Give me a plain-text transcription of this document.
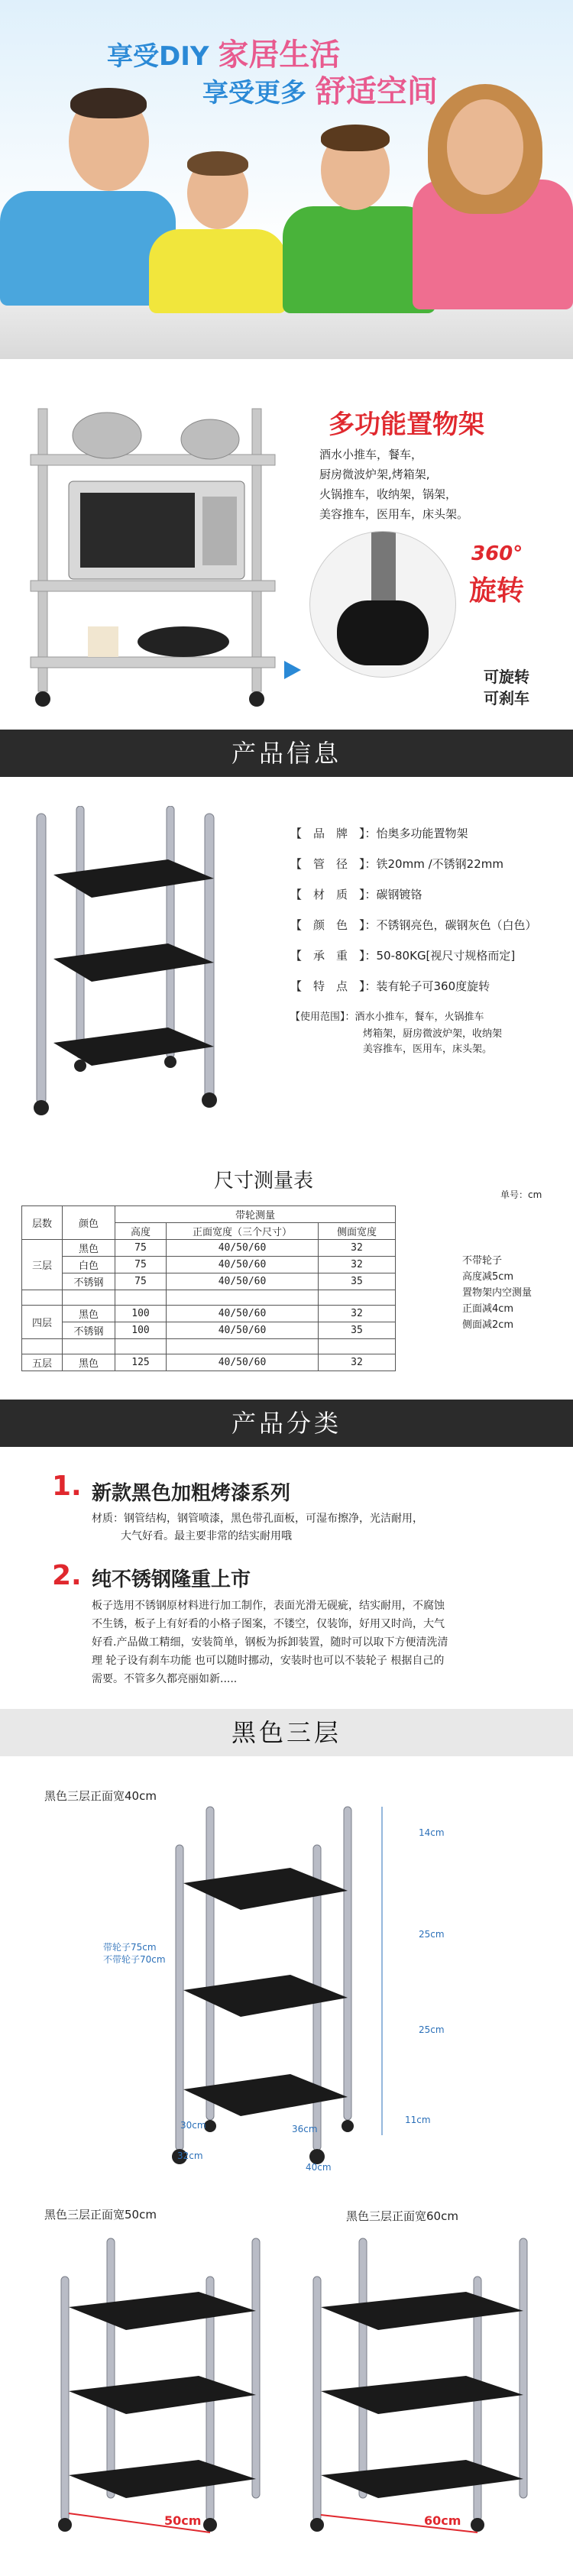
享受DIY 家居生活
享受更多 舒适空间
多功能置物架
酒水小推车，餐车，
厨房微波炉架,烤箱架,
火锅推车，收纳架，锅架，
美容推车，医用车，床头架。
360°
旋转
可旋转
可刹车
产品信息
【　品　牌　】：怡奥多功能置物架
【　管　径　】：铁20mm /不锈钢22mm
【　材　质　】：碳钢镀铬
【　颜　色　】：不锈钢亮色，碳钢灰色（白色）
【　承　重　】：50-80KG[视尺寸规格而定]
【　特　点　】：装有轮子可360度旋转
【使用范围】：酒水小推车，餐车，火锅推车
烤箱架，厨房微波炉架，收纳架
美容推车，医用车，床头架。
尺寸测量表
单号：cm
层数	颜色	带轮测量		
		高度	正面宽度（三个尺寸）	侧面宽度
三层	黑色	75	40/50/60	32
	白色	75	40/50/60	32
	不锈钢	75	40/50/60	35

四层	黑色	100	40/50/60	32
	不锈钢	100	40/50/60	35

五层	黑色	125	40/50/60	32
不带轮子
高度减5cm
置物架内空测量
正面减4cm
侧面减2cm
产品分类
1. 新款黑色加粗烤漆系列
材质：钢管结构，钢管喷漆，黑色带孔面板，可湿布擦净，光洁耐用，
大气好看。最主要非常的结实耐用哦
2. 纯不锈钢隆重上市
板子选用不锈钢原材料进行加工制作，表面光滑无砚疵，结实耐用，不腐蚀
不生锈，板子上有好看的小格子图案，不镂空，仅装饰，好用又时尚，大气
好看.产品做工精细，安装简单，钢板为拆卸装置，随时可以取下方便清洗清
理 轮子设有刹车功能 也可以随时挪动，安装时也可以不装轮子 根据自己的
需要。不管多久都亮丽如新.....
黑色三层
黑色三层正面宽40cm
带轮子75cm
不带轮子70cm
14cm
25cm
25cm
11cm
30cm	36cm
32cm
40cm
黑色三层正面宽50cm	黑色三层正面宽60cm
50cm	60cm
